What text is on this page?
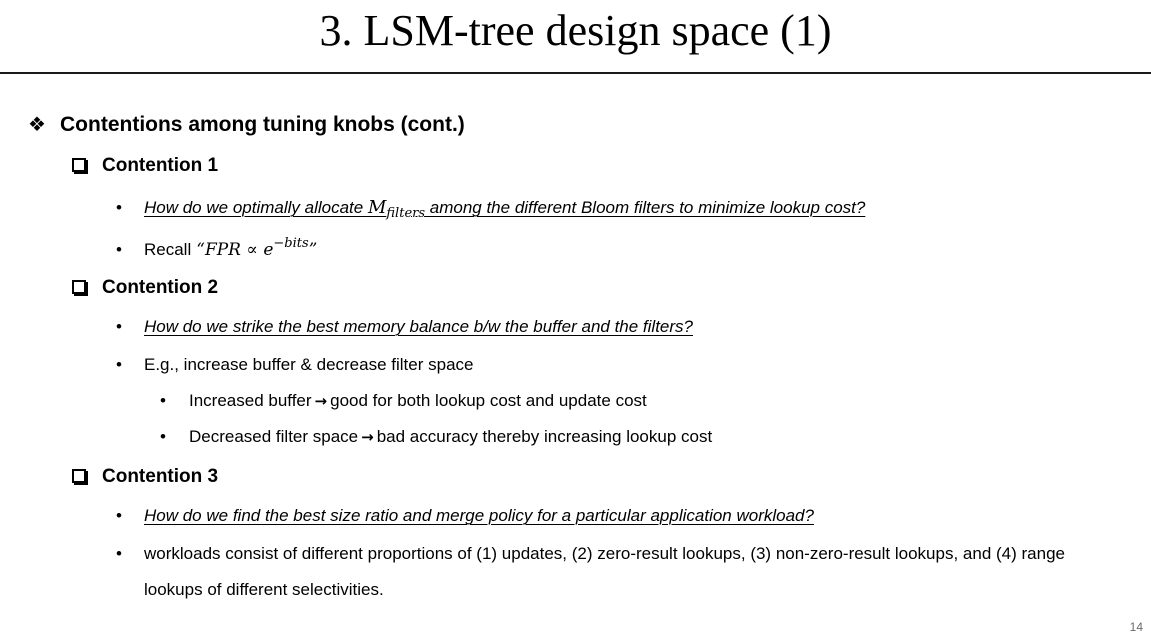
3. LSM-tree design space (1)
❖ Contentions among tuning knobs (cont.)
Contention 1
•	How do we optimally allocate $M_{filters}$ among the different Bloom filters to minimize lookup cost?
•	Recall “FPR ∝ $e^{-bits}$”
Contention 2
•	How do we strike the best memory balance b/w the buffer and the filters?
•	E.g., increase buffer & decrease filter space
•	Increased buffer → good for both lookup cost and update cost
•	Decreased filter space → bad accuracy thereby increasing lookup cost
Contention 3
•	How do we find the best size ratio and merge policy for a particular application workload?
•	workloads consist of different proportions of (1) updates, (2) zero-result lookups, (3) non-zero-result lookups, and (4) range
lookups of different selectivities.
14
